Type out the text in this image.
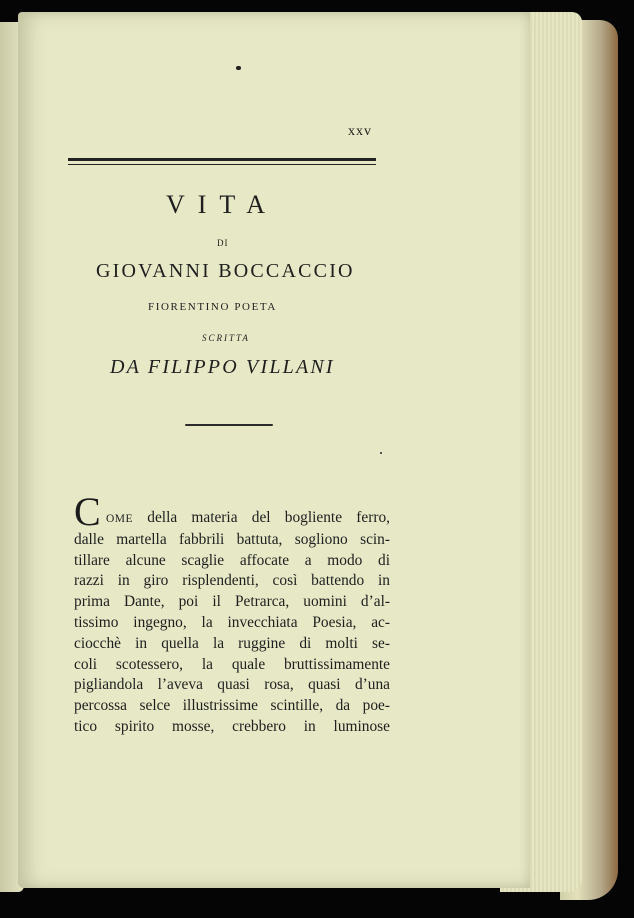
xxv
VITA
DI
GIOVANNI BOCCACCIO
FIORENTINO POETA
SCRITTA
DA FILIPPO VILLANI
C OME della materia del bogliente ferro,
dalle martella fabbrili battuta, sogliono scin-
tillare alcune scaglie affocate a modo di
razzi in giro risplendenti, così battendo in
prima Dante, poi il Petrarca, uomini d’al-
tissimo ingegno, la invecchiata Poesia, ac-
ciocchè in quella la ruggine di molti se-
coli scotessero, la quale bruttissimamente
pigliandola l’aveva quasi rosa, quasi d’una
percossa selce illustrissime scintille, da poe-
tico spirito mosse, crebbero in luminose
